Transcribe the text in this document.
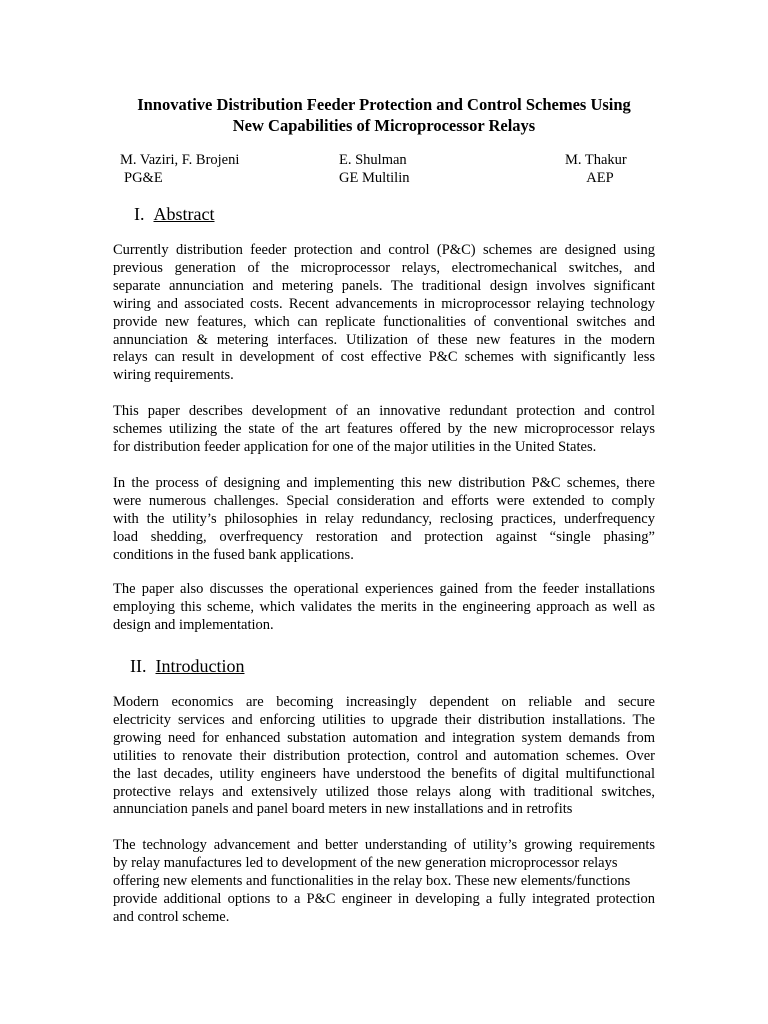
Innovative Distribution Feeder Protection and Control Schemes Using
New Capabilities of Microprocessor Relays
M. Vaziri, F. Brojeni
PG&E
E. Shulman
GE Multilin
M. Thakur
AEP
I. Abstract
Currently distribution feeder protection and control (P&C) schemes are designed using
previous generation of the microprocessor relays, electromechanical switches, and
separate annunciation and metering panels. The traditional design involves significant
wiring and associated costs. Recent advancements in microprocessor relaying technology
provide new features, which can replicate functionalities of conventional switches and
annunciation & metering interfaces. Utilization of these new features in the modern
relays can result in development of cost effective P&C schemes with significantly less
wiring requirements.
This paper describes development of an innovative redundant protection and control
schemes utilizing the state of the art features offered by the new microprocessor relays
for distribution feeder application for one of the major utilities in the United States.
In the process of designing and implementing this new distribution P&C schemes, there
were numerous challenges. Special consideration and efforts were extended to comply
with the utility’s philosophies in relay redundancy, reclosing practices, underfrequency
load shedding, overfrequency restoration and protection against “single phasing”
conditions in the fused bank applications.
The paper also discusses the operational experiences gained from the feeder installations
employing this scheme, which validates the merits in the engineering approach as well as
design and implementation.
II. Introduction
Modern economics are becoming increasingly dependent on reliable and secure
electricity services and enforcing utilities to upgrade their distribution installations. The
growing need for enhanced substation automation and integration system demands from
utilities to renovate their distribution protection, control and automation schemes. Over
the last decades, utility engineers have understood the benefits of digital multifunctional
protective relays and extensively utilized those relays along with traditional switches,
annunciation panels and panel board meters in new installations and in retrofits
The technology advancement and better understanding of utility’s growing requirements
by relay manufactures led to development of the new generation microprocessor relays
offering new elements and functionalities in the relay box. These new elements/functions
provide additional options to a P&C engineer in developing a fully integrated protection
and control scheme.
